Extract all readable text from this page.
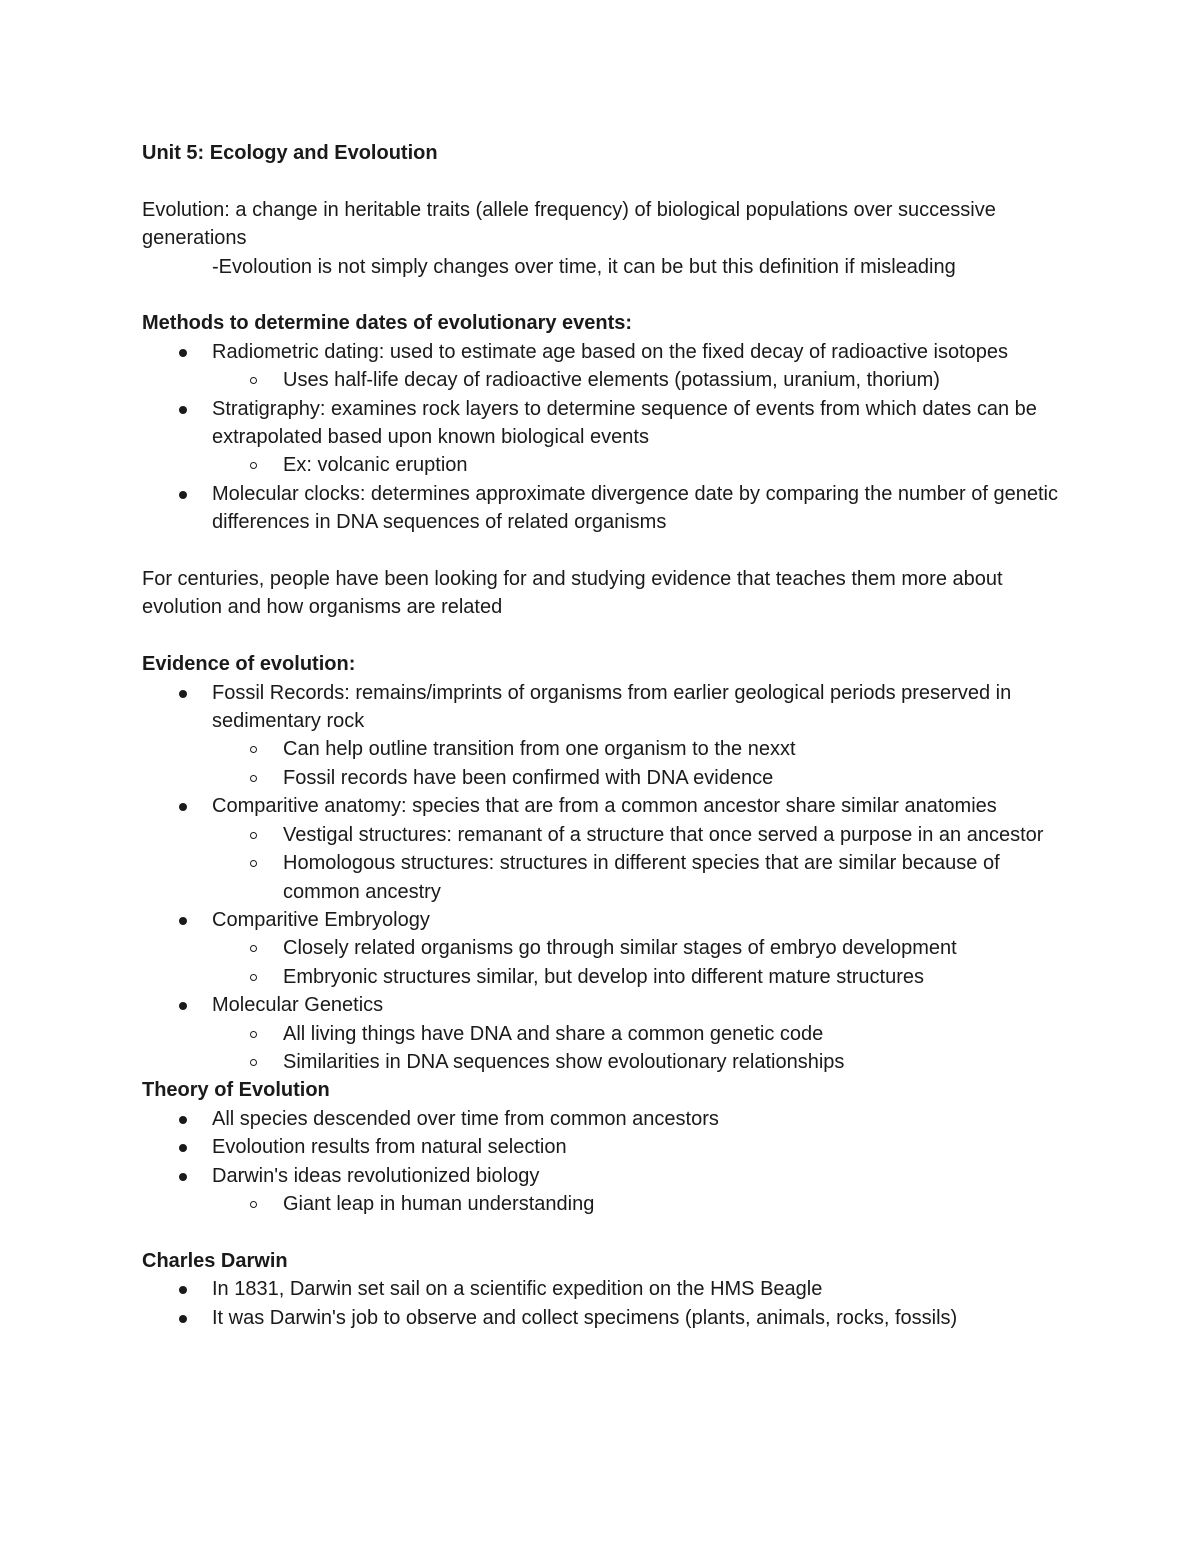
Unit 5: Ecology and Evoloution

Evolution: a change in heritable traits (allele frequency) of biological populations over successive generations

-Evoloution is not simply changes over time, it can be but this definition if misleading

Methods to determine dates of evolutionary events:

Radiometric dating: used to estimate age based on the fixed decay of radioactive isotopes
Uses half-life decay of radioactive elements (potassium, uranium, thorium)
Stratigraphy: examines rock layers to determine sequence of events from which dates can be extrapolated based upon known biological events
Ex: volcanic eruption
Molecular clocks: determines approximate divergence date by comparing the number of genetic differences in DNA sequences of related organisms

For centuries, people have been looking for and studying evidence that teaches them more about evolution and how organisms are related

Evidence of evolution:

Fossil Records: remains/imprints of organisms from earlier geological periods preserved in sedimentary rock
Can help outline transition from one organism to the nexxt
Fossil records have been confirmed with DNA evidence
Comparitive anatomy: species that are from a common ancestor share similar anatomies
Vestigal structures: remanant of a structure that once served a purpose in an ancestor
Homologous structures: structures in different species that are similar because of common ancestry
Comparitive Embryology
Closely related organisms go through similar stages of embryo development
Embryonic structures similar, but develop into different mature structures
Molecular Genetics
All living things have DNA and share a common genetic code
Similarities in DNA sequences show evoloutionary relationships

Theory of Evolution

All species descended over time from common ancestors
Evoloution results from natural selection
Darwin's ideas revolutionized biology
Giant leap in human understanding

Charles Darwin

In 1831, Darwin set sail on a scientific expedition on the HMS Beagle
It was Darwin's job to observe and collect specimens (plants, animals, rocks, fossils)
